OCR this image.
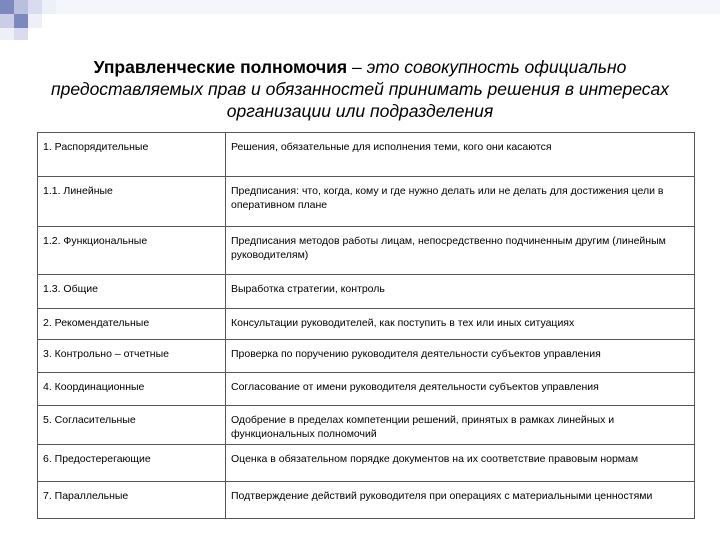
Управленческие полномочия – это совокупность официально предоставляемых прав и обязанностей принимать решения в интересах организации или подразделения
1. Распорядительные	Решения, обязательные для исполнения теми, кого они касаются
1.1. Линейные	Предписания: что, когда, кому и где нужно делать или не делать для достижения цели в оперативном плане
1.2. Функциональные	Предписания методов работы лицам, непосредственно подчиненным другим (линейным руководителям)
1.3. Общие	Выработка стратегии, контроль
2. Рекомендательные	Консультации руководителей, как поступить в тех или иных ситуациях
3. Контрольно – отчетные	Проверка по поручению руководителя деятельности субъектов управления
4. Координационные	Согласование от имени руководителя деятельности субъектов управления
5. Согласительные	Одобрение в пределах компетенции решений, принятых в рамках линейных и функциональных полномочий
6. Предостерегающие	Оценка в обязательном порядке документов на их соответствие правовым нормам
7. Параллельные	Подтверждение действий руководителя при операциях с материальными ценностями
